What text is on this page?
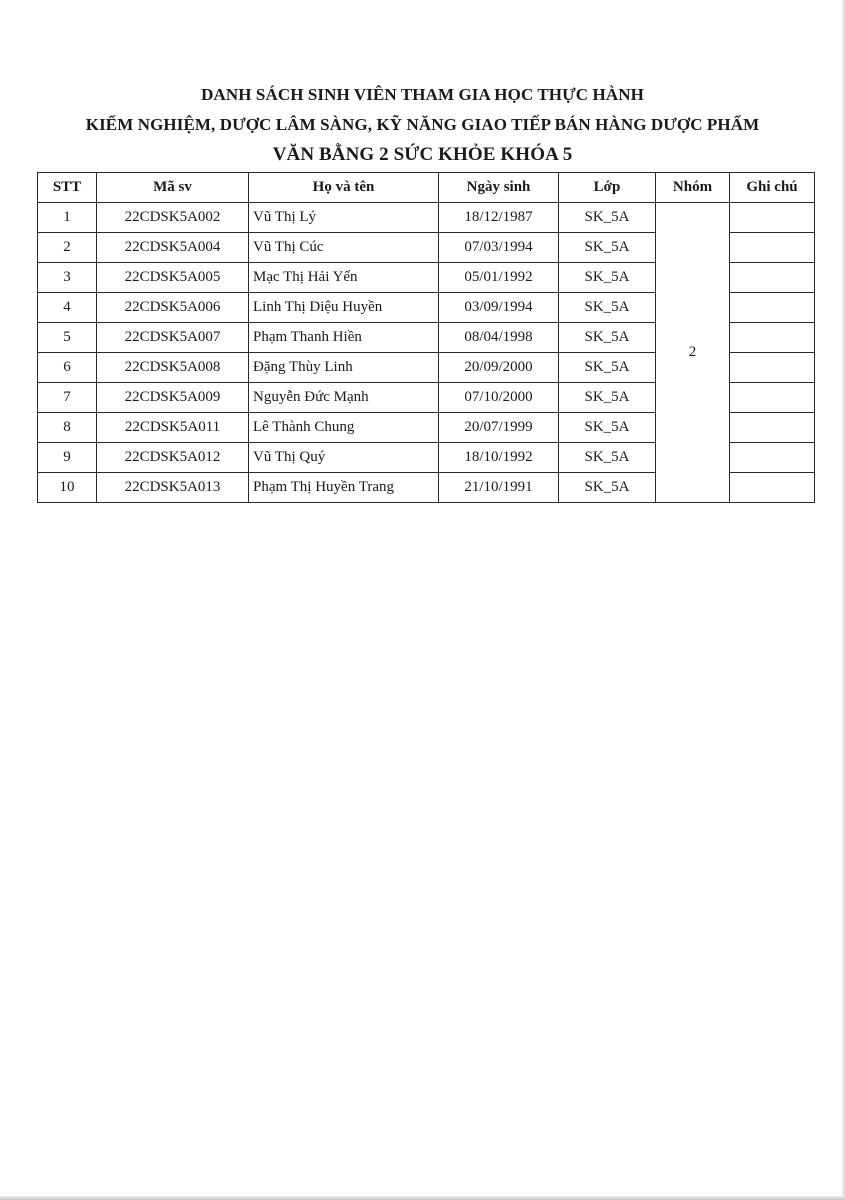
DANH SÁCH SINH VIÊN THAM GIA HỌC THỰC HÀNH
KIỂM NGHIỆM, DƯỢC LÂM SÀNG, KỸ NĂNG GIAO TIẾP BÁN HÀNG DƯỢC PHẨM
VĂN BẰNG 2 SỨC KHỎE KHÓA 5
STT	Mã sv	Họ và tên	Ngày sinh	Lớp	Nhóm	Ghi chú
1	22CDSK5A002	Vũ Thị Lý	18/12/1987	SK_5A	2	
2	22CDSK5A004	Vũ Thị Cúc	07/03/1994	SK_5A		
3	22CDSK5A005	Mạc Thị Hải Yến	05/01/1992	SK_5A		
4	22CDSK5A006	Linh Thị Diệu Huyền	03/09/1994	SK_5A		
5	22CDSK5A007	Phạm Thanh Hiền	08/04/1998	SK_5A		
6	22CDSK5A008	Đặng Thùy Linh	20/09/2000	SK_5A		
7	22CDSK5A009	Nguyễn Đức Mạnh	07/10/2000	SK_5A		
8	22CDSK5A011	Lê Thành Chung	20/07/1999	SK_5A		
9	22CDSK5A012	Vũ Thị Quý	18/10/1992	SK_5A		
10	22CDSK5A013	Phạm Thị Huyền Trang	21/10/1991	SK_5A		
